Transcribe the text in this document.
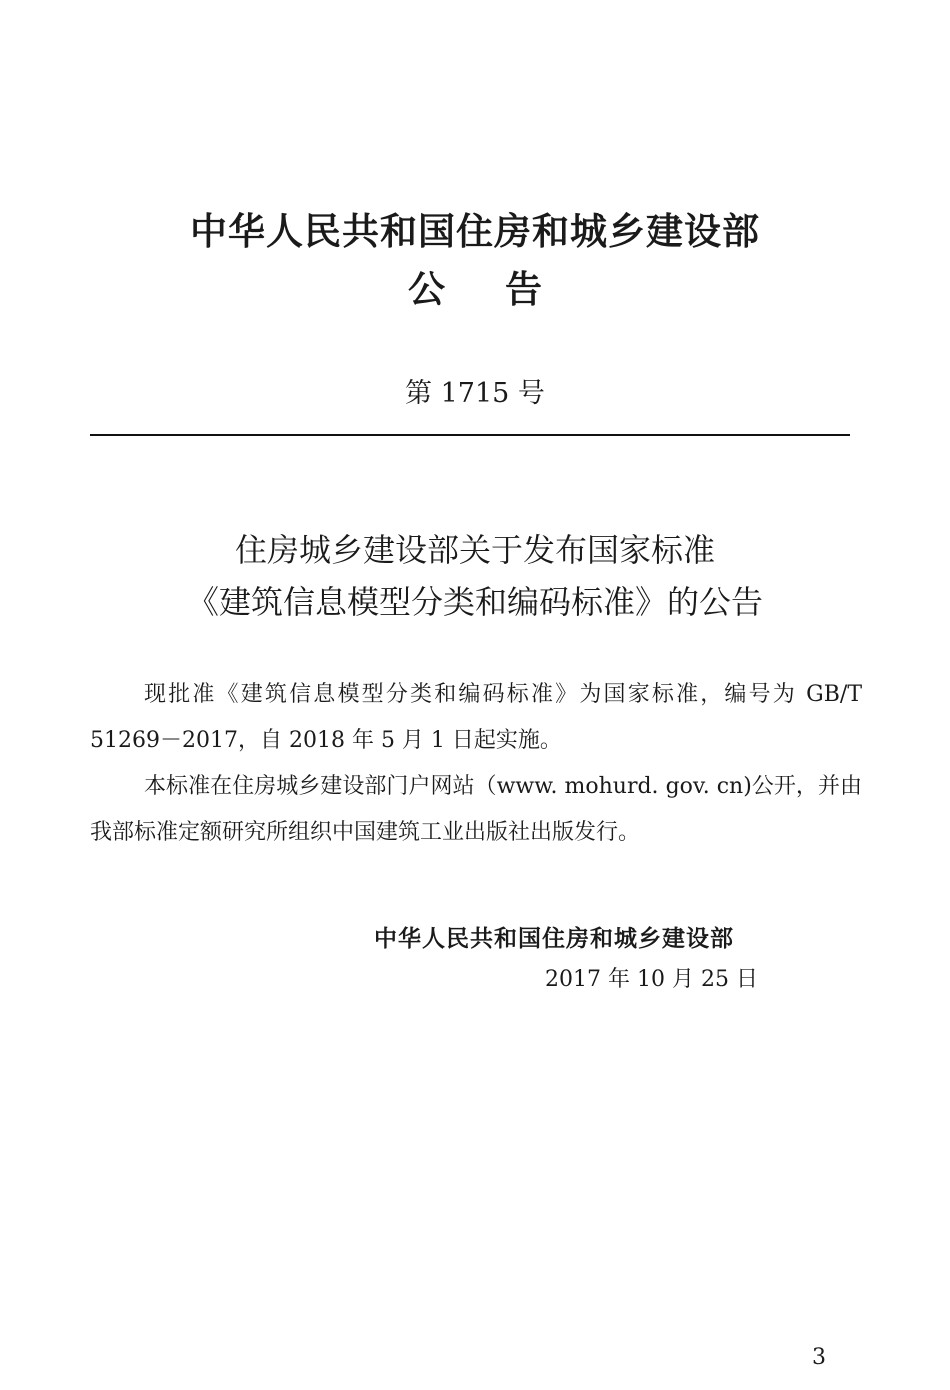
中华人民共和国住房和城乡建设部
公告
第 1715 号
住房城乡建设部关于发布国家标准
《建筑信息模型分类和编码标准》的公告

现批准《建筑信息模型分类和编码标准》为国家标准，编号为 GB/T 51269－2017，自 2018 年 5 月 1 日起实施。

本标准在住房城乡建设部门户网站（www. mohurd. gov. cn)公开，并由我部标准定额研究所组织中国建筑工业出版社出版发行。

中华人民共和国住房和城乡建设部
2017 年 10 月 25 日
3
